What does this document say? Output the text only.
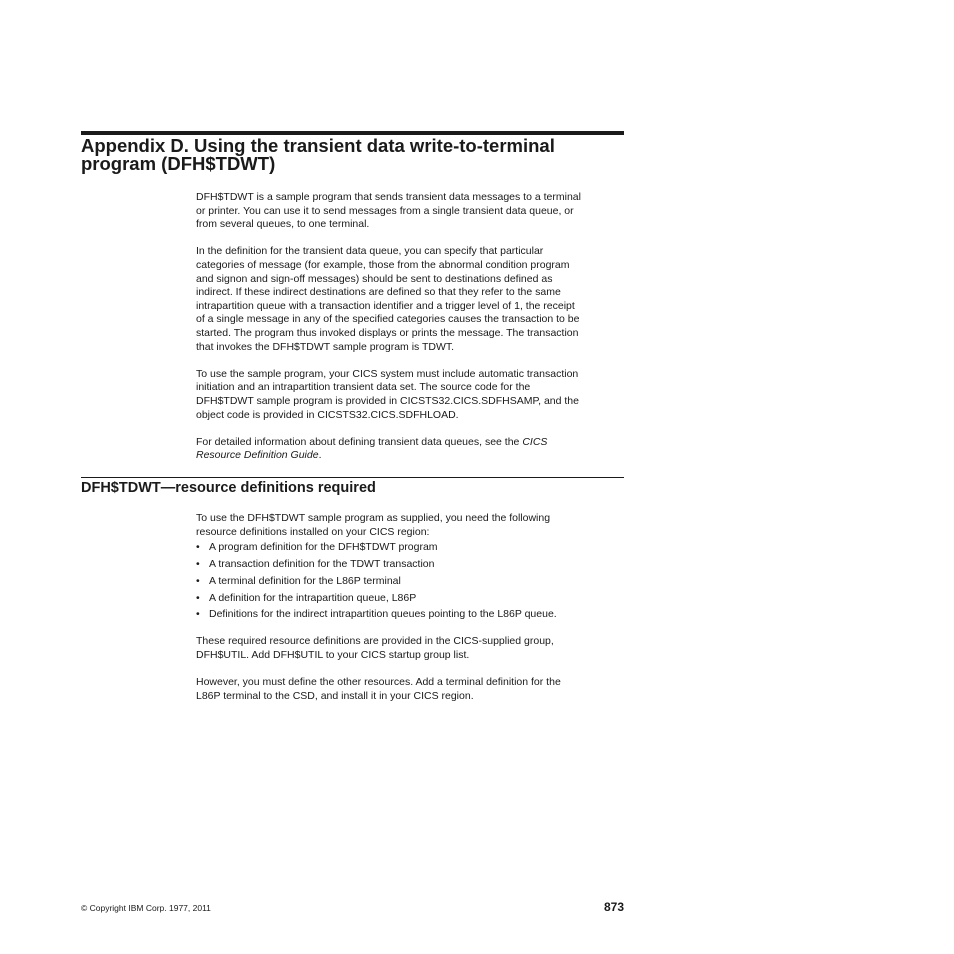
Appendix D. Using the transient data write-to-terminal
program (DFH$TDWT)

DFH$TDWT is a sample program that sends transient data messages to a terminal
or printer. You can use it to send messages from a single transient data queue, or
from several queues, to one terminal.

In the definition for the transient data queue, you can specify that particular
categories of message (for example, those from the abnormal condition program
and signon and sign-off messages) should be sent to destinations defined as
indirect. If these indirect destinations are defined so that they refer to the same
intrapartition queue with a transaction identifier and a trigger level of 1, the receipt
of a single message in any of the specified categories causes the transaction to be
started. The program thus invoked displays or prints the message. The transaction
that invokes the DFH$TDWT sample program is TDWT.

To use the sample program, your CICS system must include automatic transaction
initiation and an intrapartition transient data set. The source code for the
DFH$TDWT sample program is provided in CICSTS32.CICS.SDFHSAMP, and the
object code is provided in CICSTS32.CICS.SDFHLOAD.

For detailed information about defining transient data queues, see the CICS
Resource Definition Guide.

DFH$TDWT—resource definitions required

To use the DFH$TDWT sample program as supplied, you need the following
resource definitions installed on your CICS region:

• A program definition for the DFH$TDWT program
• A transaction definition for the TDWT transaction
• A terminal definition for the L86P terminal
• A definition for the intrapartition queue, L86P
• Definitions for the indirect intrapartition queues pointing to the L86P queue.

These required resource definitions are provided in the CICS-supplied group,
DFH$UTIL. Add DFH$UTIL to your CICS startup group list.

However, you must define the other resources. Add a terminal definition for the
L86P terminal to the CSD, and install it in your CICS region.

© Copyright IBM Corp. 1977, 2011	873
